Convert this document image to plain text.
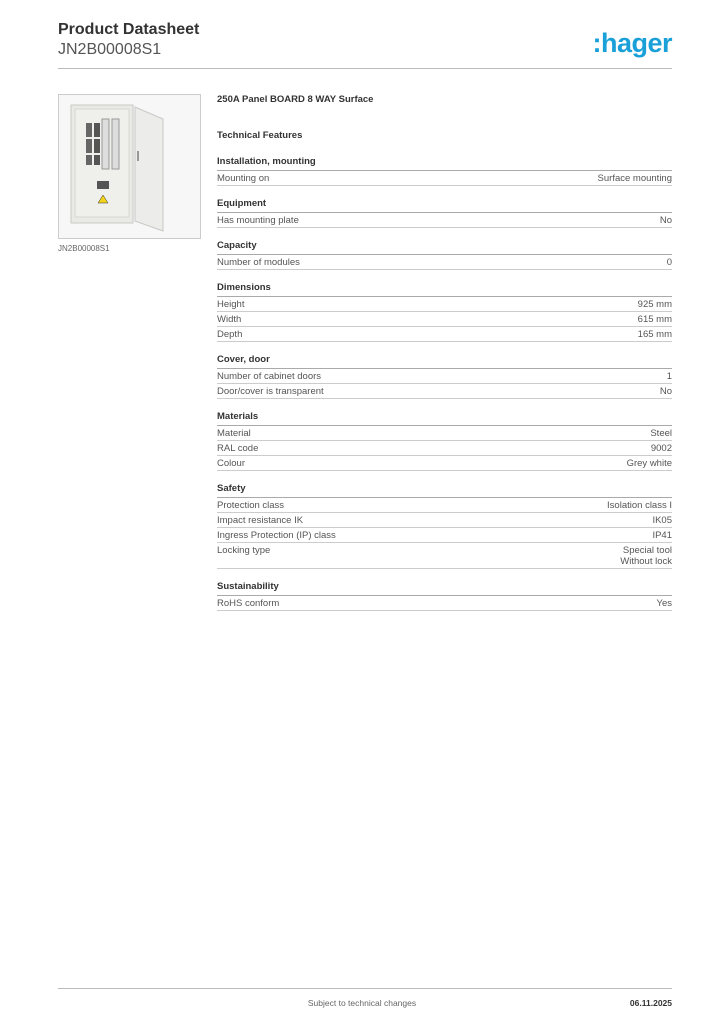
Product Datasheet
JN2B00008S1	:hager
JN2B00008S1
250A Panel BOARD 8 WAY Surface
Technical Features
Installation, mounting
Mounting on	Surface mounting
Equipment
Has mounting plate	No
Capacity
Number of modules	0
Dimensions
Height	925 mm
Width	615 mm
Depth	165 mm
Cover, door
Number of cabinet doors	1
Door/cover is transparent	No
Materials
Material	Steel
RAL code	9002
Colour	Grey white
Safety
Protection class	Isolation class I
Impact resistance IK	IK05
Ingress Protection (IP) class	IP41
Locking type	Special tool
Without lock
Sustainability
RoHS conform	Yes
Subject to technical changes	06.11.2025
